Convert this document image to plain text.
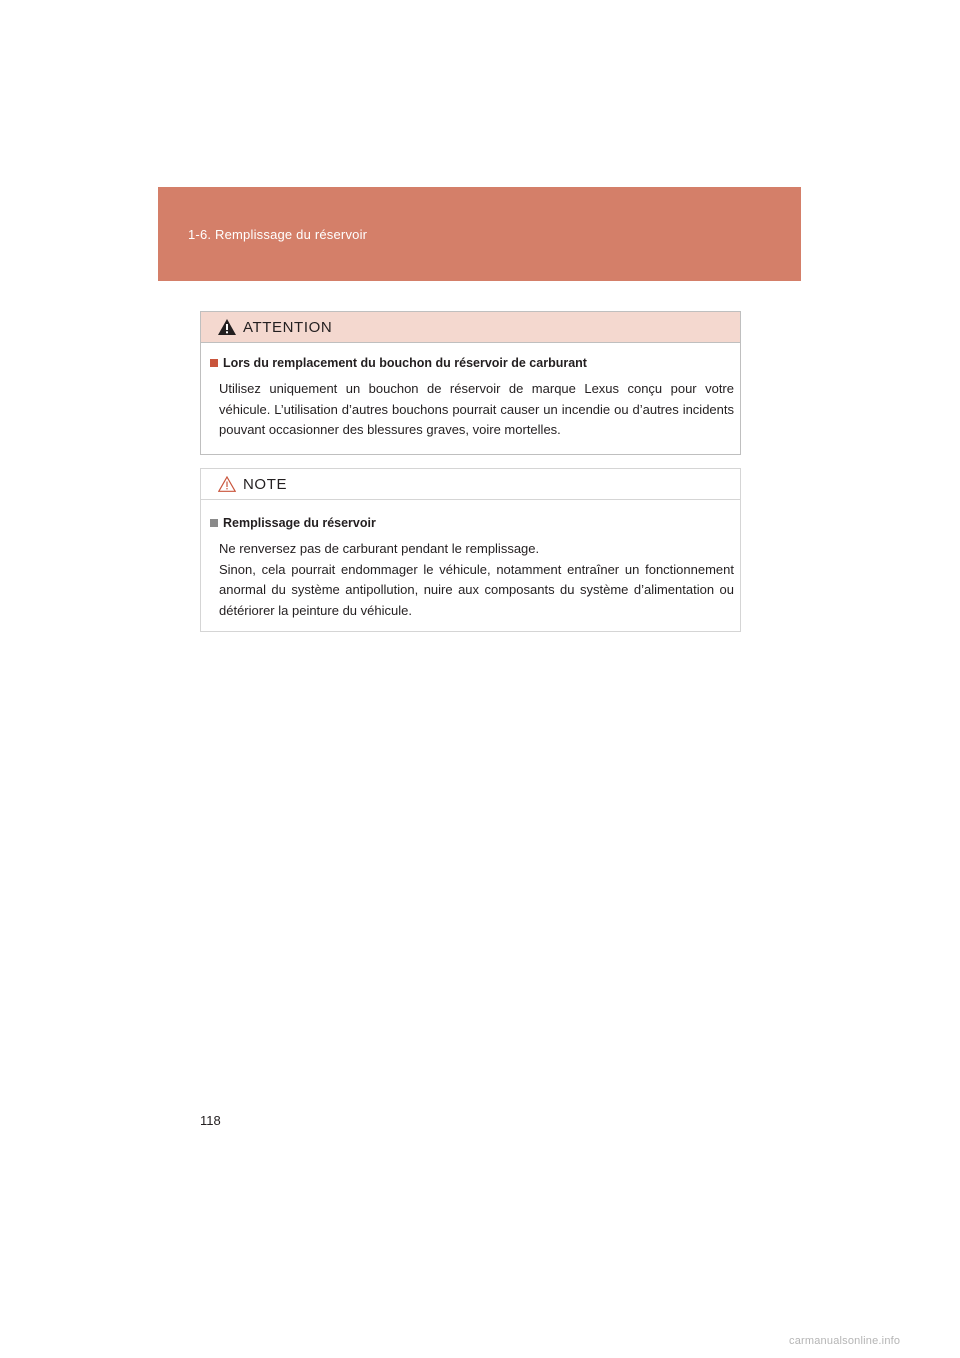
1-6. Remplissage du réservoir
ATTENTION
Lors du remplacement du bouchon du réservoir de carburant

Utilisez uniquement un bouchon de réservoir de marque Lexus conçu pour votre véhicule. L’utilisation d’autres bouchons pourrait causer un incendie ou d’autres incidents pouvant occasionner des blessures graves, voire mortelles.

NOTE
Remplissage du réservoir

Ne renversez pas de carburant pendant le remplissage.

Sinon, cela pourrait endommager le véhicule, notamment entraîner un fonctionnement anormal du système antipollution, nuire aux composants du système d’alimentation ou détériorer la peinture du véhicule.

118
carmanualsonline.info
